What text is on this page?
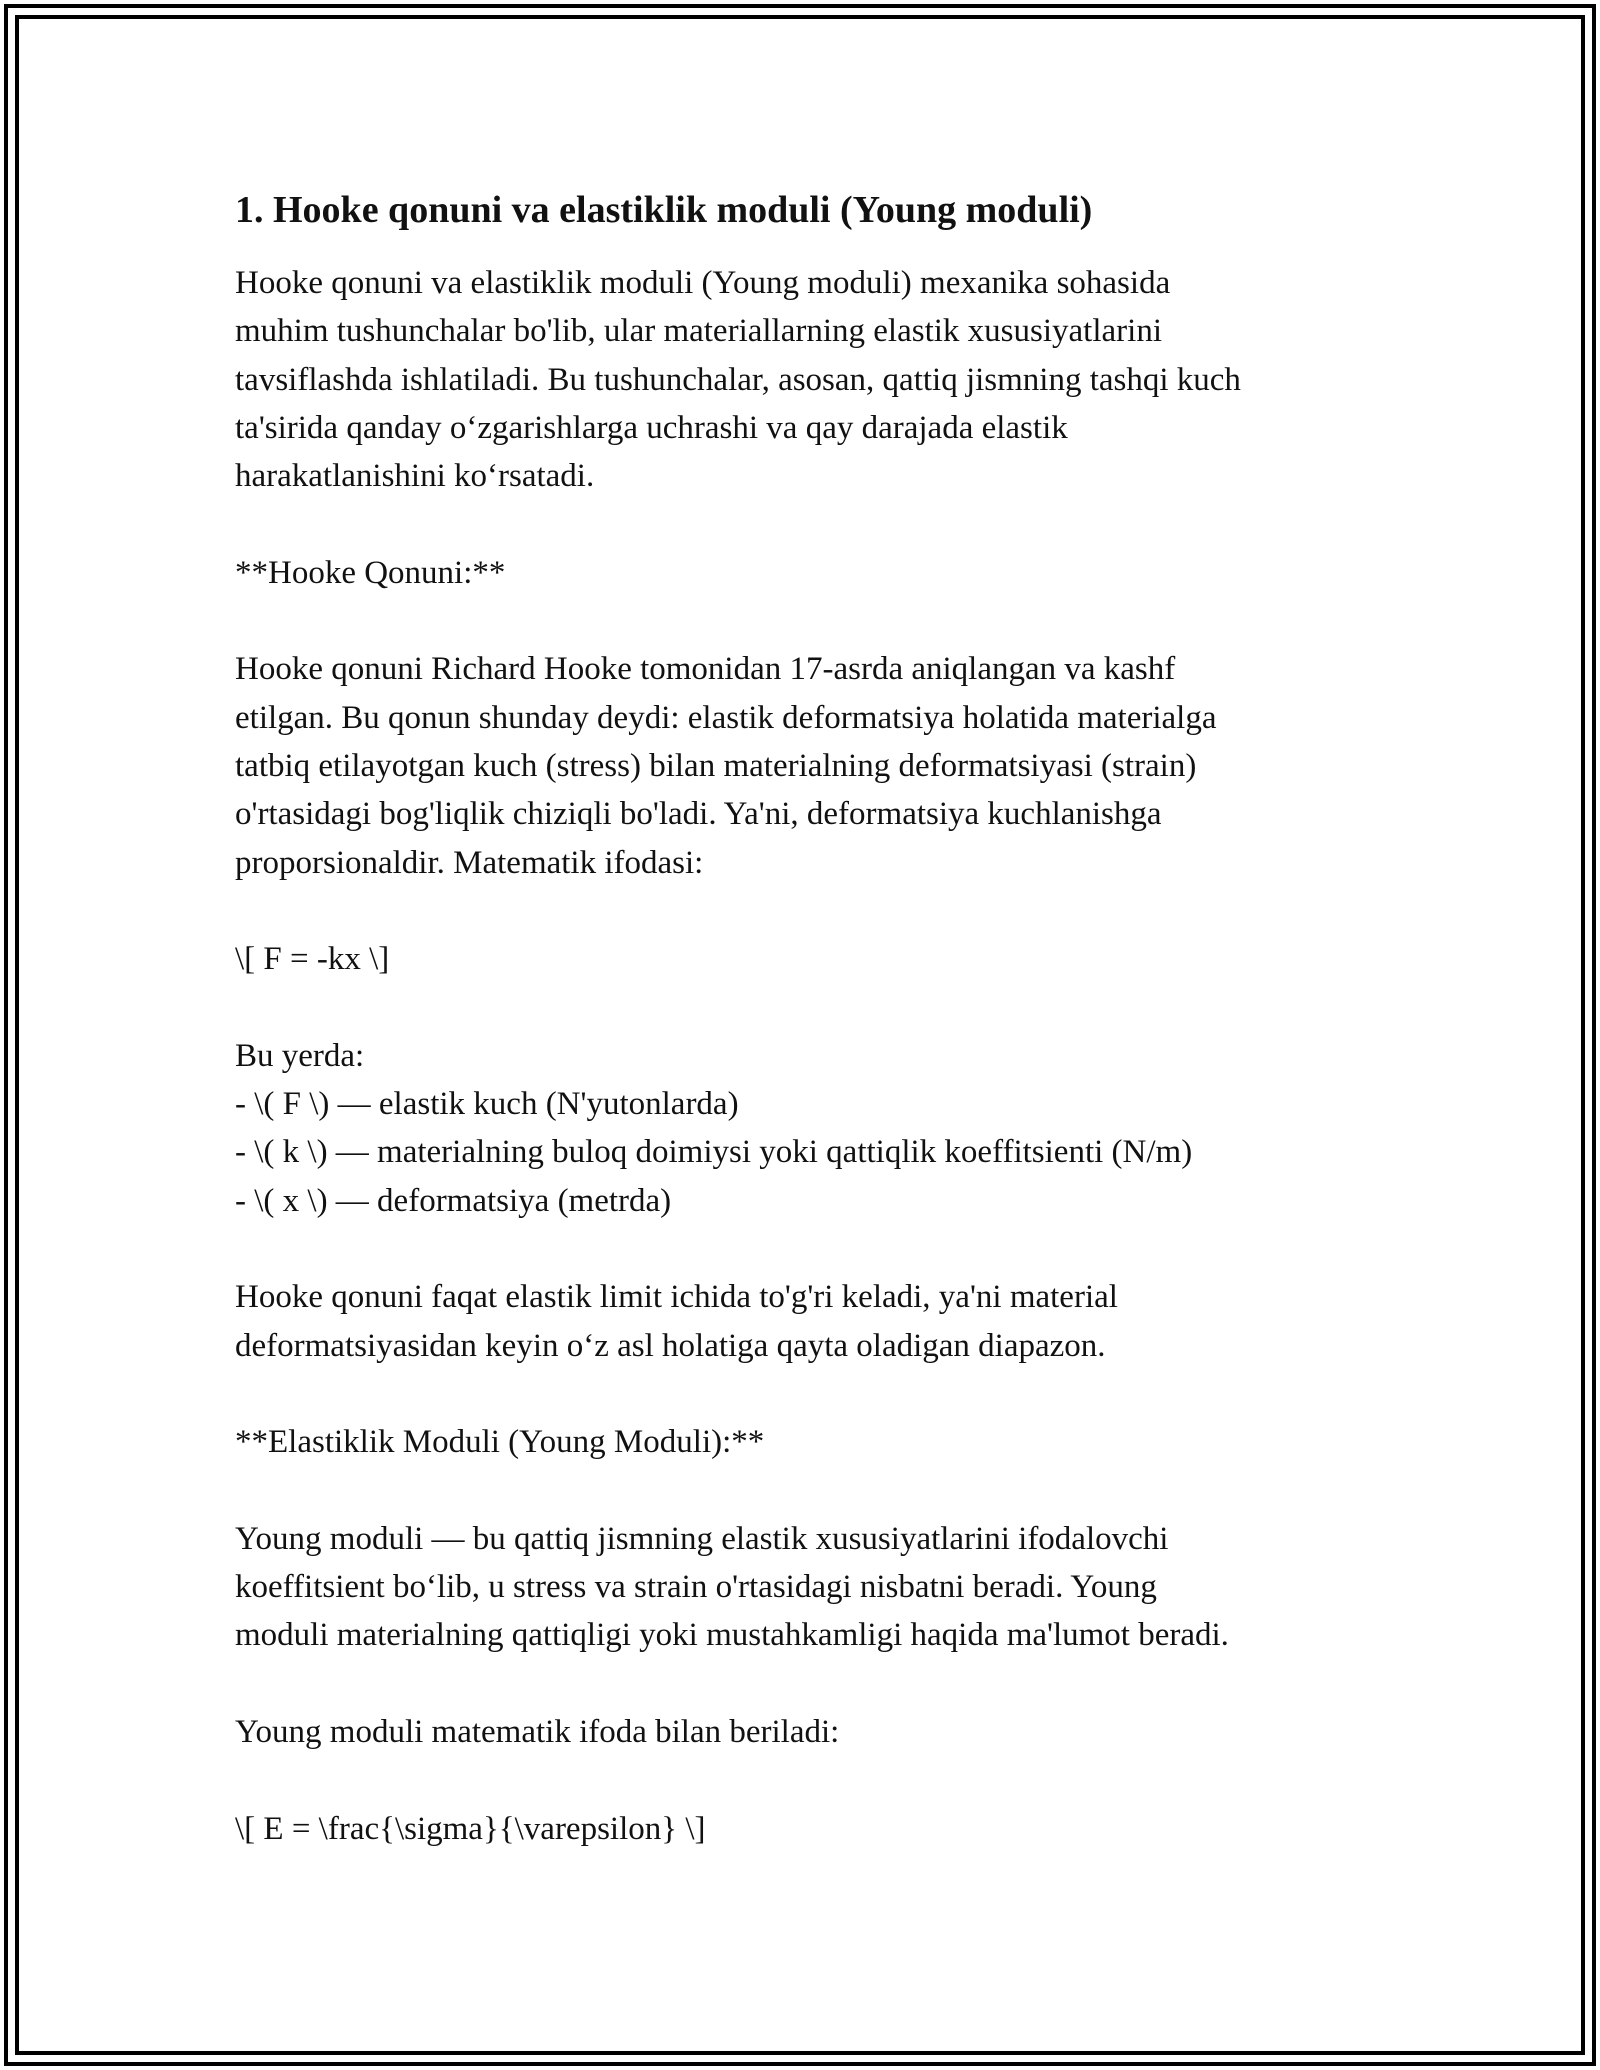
1. Hooke qonuni va elastiklik moduli (Young moduli)
Hooke qonuni va elastiklik moduli (Young moduli) mexanika sohasida
muhim tushunchalar bo'lib, ular materiallarning elastik xususiyatlarini
tavsiflashda ishlatiladi. Bu tushunchalar, asosan, qattiq jismning tashqi kuch
ta'sirida qanday o‘zgarishlarga uchrashi va qay darajada elastik
harakatlanishini ko‘rsatadi.
**Hooke Qonuni:**
Hooke qonuni Richard Hooke tomonidan 17-asrda aniqlangan va kashf
etilgan. Bu qonun shunday deydi: elastik deformatsiya holatida materialga
tatbiq etilayotgan kuch (stress) bilan materialning deformatsiyasi (strain)
o'rtasidagi bog'liqlik chiziqli bo'ladi. Ya'ni, deformatsiya kuchlanishga
proporsionaldir. Matematik ifodasi:
\[ F = -kx \]
Bu yerda:
- \( F \) — elastik kuch (N'yutonlarda)
- \( k \) — materialning buloq doimiysi yoki qattiqlik koeffitsienti (N/m)
- \( x \) — deformatsiya (metrda)
Hooke qonuni faqat elastik limit ichida to'g'ri keladi, ya'ni material
deformatsiyasidan keyin o‘z asl holatiga qayta oladigan diapazon.
**Elastiklik Moduli (Young Moduli):**
Young moduli — bu qattiq jismning elastik xususiyatlarini ifodalovchi
koeffitsient bo‘lib, u stress va strain o'rtasidagi nisbatni beradi. Young
moduli materialning qattiqligi yoki mustahkamligi haqida ma'lumot beradi.
Young moduli matematik ifoda bilan beriladi:
\[ E = \frac{\sigma}{\varepsilon} \]
